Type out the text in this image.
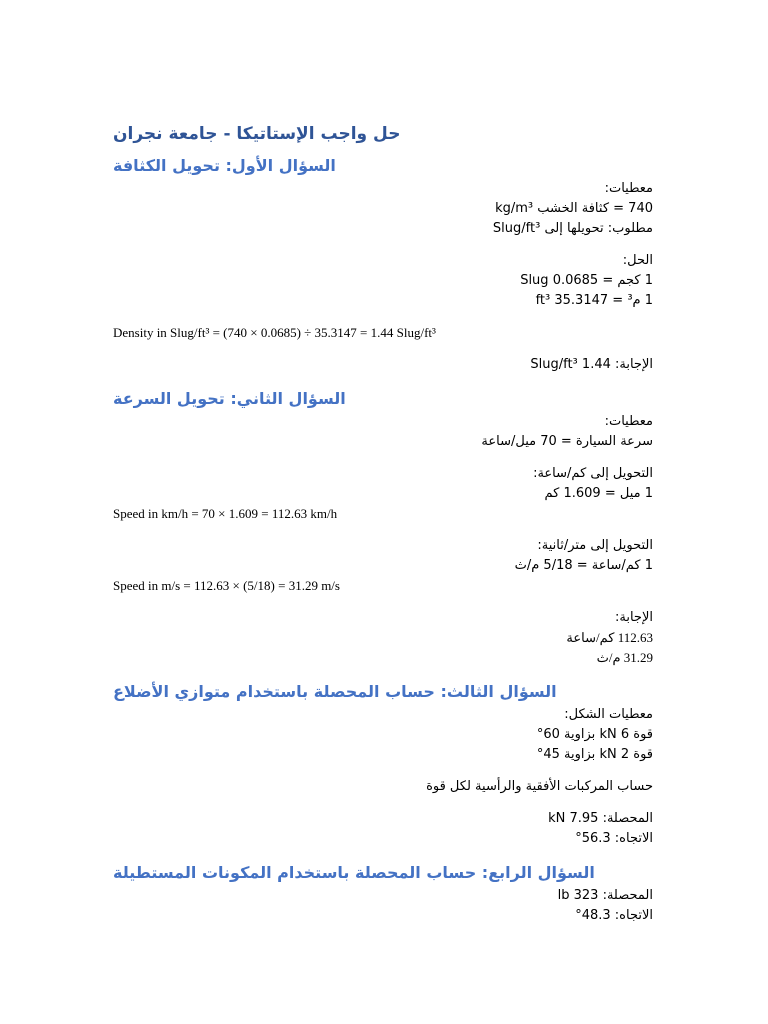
حل واجب الإستاتيكا - جامعة نجران
السؤال الأول: تحويل الكثافة
معطيات:
740 = كثافة الخشب kg/m³
مطلوب: تحويلها إلى Slug/ft³
الحل:
1 كجم = 0.0685 Slug
1 م³ = 35.3147 ft³
Density in Slug/ft³ = (740 × 0.0685) ÷ 35.3147 = 1.44 Slug/ft³
الإجابة: 1.44 Slug/ft³
السؤال الثاني: تحويل السرعة
معطيات:
سرعة السيارة = 70 ميل/ساعة
التحويل إلى كم/ساعة:
1 ميل = 1.609 كم
Speed in km/h = 70 × 1.609 = 112.63 km/h
التحويل إلى متر/ثانية:
1 كم/ساعة = 5/18 م/ث
Speed in m/s = 112.63 × (5/18) = 31.29 m/s
الإجابة:
112.63 كم/ساعة
31.29 م/ث
السؤال الثالث: حساب المحصلة باستخدام متوازي الأضلاع
معطيات الشكل:
قوة 6 kN بزاوية 60°
قوة 2 kN بزاوية 45°
حساب المركبات الأفقية والرأسية لكل قوة
المحصلة: 7.95 kN
الاتجاه: 56.3°
السؤال الرابع: حساب المحصلة باستخدام المكونات المستطيلة
المحصلة: 323 lb
الاتجاه: 48.3°
